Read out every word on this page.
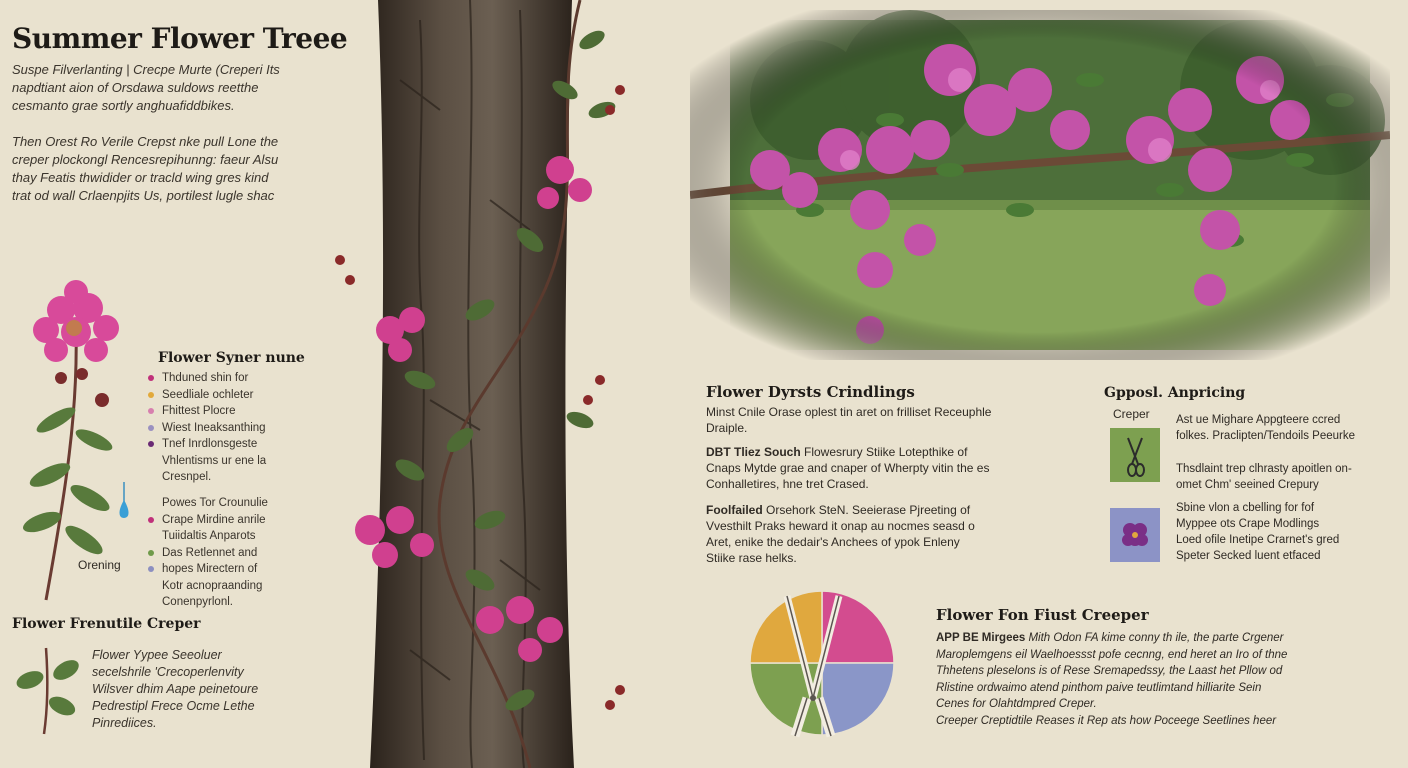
Summer Flower Treee
Suspe Filverlanting | Crecpe Murte (Creperi Its
napdtiant aion of Orsdawa suldows reetthe
cesmanto grae sortly anghuafiddbikes.
Then Orest Ro Verile Crepst nke pull Lone the
creper plockongl Rencesrepihunng: faeur Alsu
thay Featis thwidider or tracld wing gres kind
trat od wall Crlaenpjits Us, portilest lugle shac
Flower Syner nune
Thduned shin for
Seedliale ochleter
Fhittest Plocre
Wiest Ineaksanthing
Tnef Inrdlonsgeste
Vhlentisms ur ene la
Cresnpel.
Powes Tor Crounulie
Crape Mirdine anrile
Tuiidaltis Anparots
Das Retlennet and
hopes Mirectern of
Kotr acnopraanding
Conenpyrlonl.
Orening
Flower Frenutile Creper
Flower Yypee Seeoluer
secelshrile 'Crecoperlenvity
Wilsver dhim Aape peinetoure
Pedrestipl Frece Ocme Lethe
Pinrediices.
Flower Dyrsts Crindlings
Minst Cnile Orase oplest tin aret on frilliset Receuphle
Draiple.
DBT Tliez Souch Flowesrury Stiike Lotepthike of
Cnaps Mytde grae and cnaper of Wherpty vitin the es
Conhalletires, hne tret Crased.
Foolfailed Orsehork SteN. Seeierase Pjreeting of
Vvesthilt Praks heward it onap au nocmes seasd o
Aret, enike the dedair's Anchees of ypok Enleny
Stiike rase helks.
Gpposl. Anpricing
Creper Ast ue Mighare Appgteere ccred
folkes. Praclipten/Tendoils Peeurke
Thsdlaint trep clhrasty apoitlen on-
omet Chm' seeined Crepury
Sbine vlon a cbelling for fof
Myppee ots Crape Modlings
Loed ofile Inetipe Crarnet's gred
Speter Secked luent etfaced
Flower Fon Fiust Creeper
APP BE Mirgees Mith Odon FA kime conny th ile, the parte Crgener
Maroplemgens eil Waelhoessst pofe cecnng, end heret an Iro of thne
Thhetens pleselons is of Rese Sremapedssy, the Laast het Pllow od
Rlistine ordwaimo atend pinthom paive teutlimtand hilliarite Sein
Cenes for Olahtdmpred Creper.
Creeper Creptidtile Reases it Rep ats how Poceege Seetlines heer
